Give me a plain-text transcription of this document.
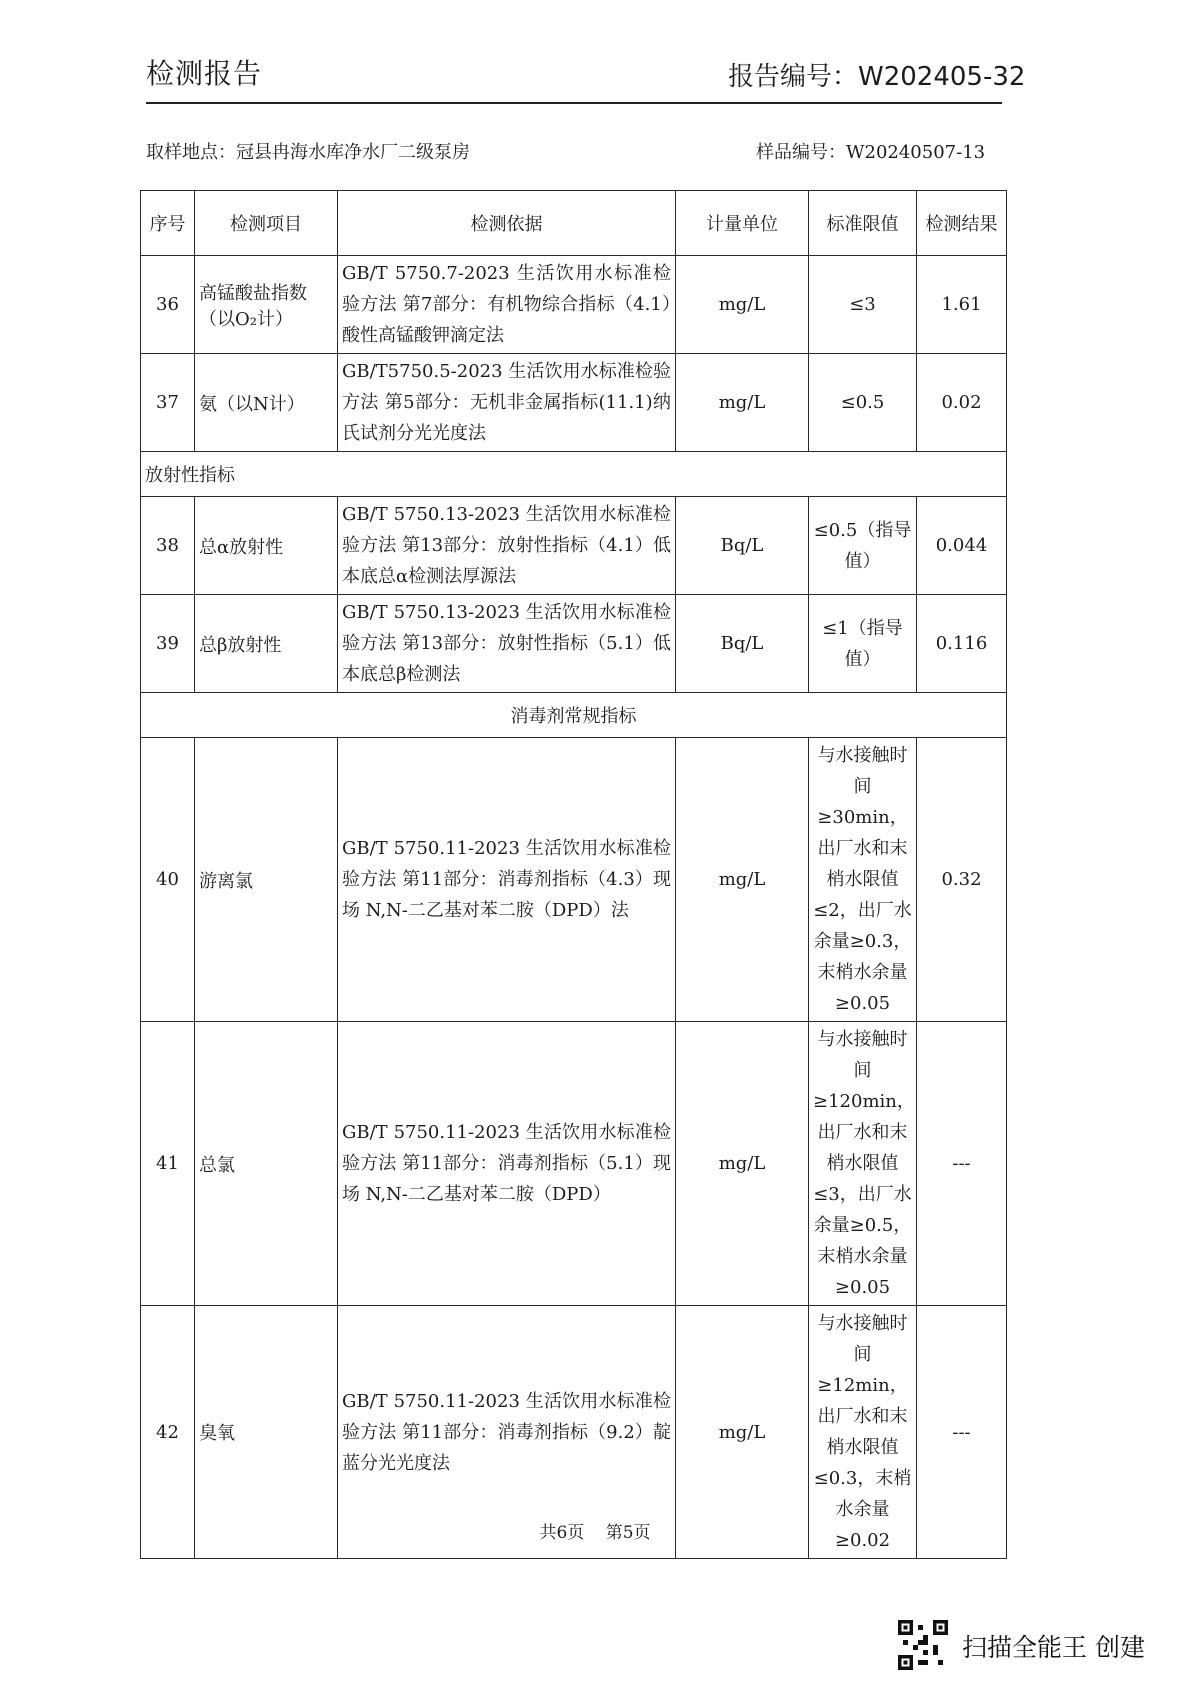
检测报告	报告编号：W202405-32
取样地点：冠县冉海水库净水厂二级泵房	样品编号：W20240507-13
序号	检测项目	检测依据	计量单位	标准限值	检测结果
36	高锰酸盐指数（以O₂计）	GB/T 5750.7-2023 生活饮用水标准检验方法 第7部分：有机物综合指标（4.1）酸性高锰酸钾滴定法	mg/L	≤3	1.61
37	氨（以N计）	GB/T5750.5-2023 生活饮用水标准检验方法 第5部分：无机非金属指标(11.1)纳氏试剂分光光度法	mg/L	≤0.5	0.02
放射性指标					
38	总α放射性	GB/T 5750.13-2023 生活饮用水标准检验方法 第13部分：放射性指标（4.1）低本底总α检测法厚源法	Bq/L	≤0.5（指导值）	0.044
39	总β放射性	GB/T 5750.13-2023 生活饮用水标准检验方法 第13部分：放射性指标（5.1）低本底总β检测法	Bq/L	≤1（指导值）	0.116
消毒剂常规指标					
40	游离氯	GB/T 5750.11-2023 生活饮用水标准检验方法 第11部分：消毒剂指标（4.3）现场 N,N-二乙基对苯二胺（DPD）法	mg/L	与水接触时间≥30min，出厂水和末梢水限值≤2，出厂水余量≥0.3，末梢水余量≥0.05	0.32
41	总氯	GB/T 5750.11-2023 生活饮用水标准检验方法 第11部分：消毒剂指标（5.1）现场 N,N-二乙基对苯二胺（DPD）	mg/L	与水接触时间≥120min，出厂水和末梢水限值≤3，出厂水余量≥0.5，末梢水余量≥0.05	---
42	臭氧	GB/T 5750.11-2023 生活饮用水标准检验方法 第11部分：消毒剂指标（9.2）靛蓝分光光度法	mg/L	与水接触时间≥12min，出厂水和末梢水限值≤0.3，末梢水余量≥0.02	---
共6页 第5页
扫描全能王 创建
